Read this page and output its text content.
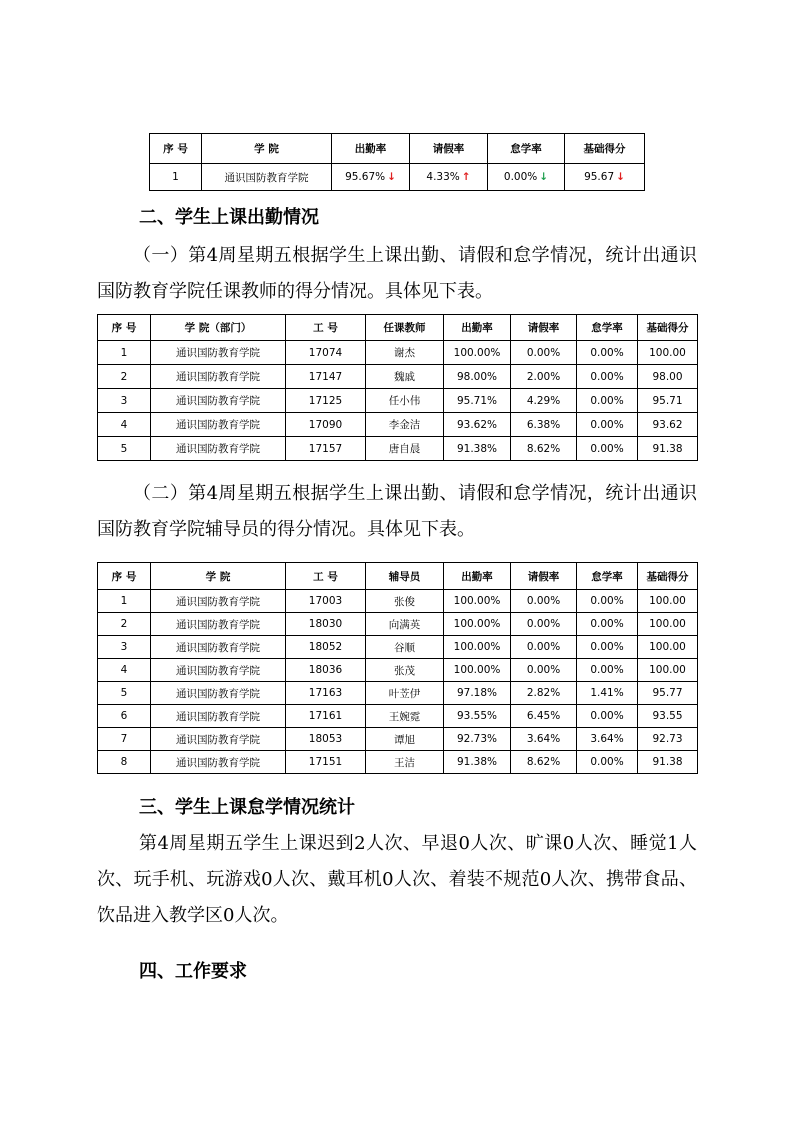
序 号	学 院	出勤率	请假率	怠学率	基础得分
1	通识国防教育学院	95.67% ↓	4.33% ↑	0.00% ↓	95.67 ↓
二、学生上课出勤情况

（一）第4周星期五根据学生上课出勤、请假和怠学情况，统计出通识国防教育学院任课教师的得分情况。具体见下表。

序 号	学 院（部门）	工 号	任课教师	出勤率	请假率	怠学率	基础得分
1	通识国防教育学院	17074	谢杰	100.00%	0.00%	0.00%	100.00
2	通识国防教育学院	17147	魏戚	98.00%	2.00%	0.00%	98.00
3	通识国防教育学院	17125	任小伟	95.71%	4.29%	0.00%	95.71
4	通识国防教育学院	17090	李金洁	93.62%	6.38%	0.00%	93.62
5	通识国防教育学院	17157	唐自晨	91.38%	8.62%	0.00%	91.38

（二）第4周星期五根据学生上课出勤、请假和怠学情况，统计出通识国防教育学院辅导员的得分情况。具体见下表。

序 号	学 院	工 号	辅导员	出勤率	请假率	怠学率	基础得分
1	通识国防教育学院	17003	张俊	100.00%	0.00%	0.00%	100.00
2	通识国防教育学院	18030	向满英	100.00%	0.00%	0.00%	100.00
3	通识国防教育学院	18052	谷顺	100.00%	0.00%	0.00%	100.00
4	通识国防教育学院	18036	张茂	100.00%	0.00%	0.00%	100.00
5	通识国防教育学院	17163	叶苙伊	97.18%	2.82%	1.41%	95.77
6	通识国防教育学院	17161	王婉霓	93.55%	6.45%	0.00%	93.55
7	通识国防教育学院	18053	谭旭	92.73%	3.64%	3.64%	92.73
8	通识国防教育学院	17151	王洁	91.38%	8.62%	0.00%	91.38
三、学生上课怠学情况统计

第4周星期五学生上课迟到2人次、早退0人次、旷课0人次、睡觉1人次、玩手机、玩游戏0人次、戴耳机0人次、着装不规范0人次、携带食品、饮品进入教学区0人次。

四、工作要求
